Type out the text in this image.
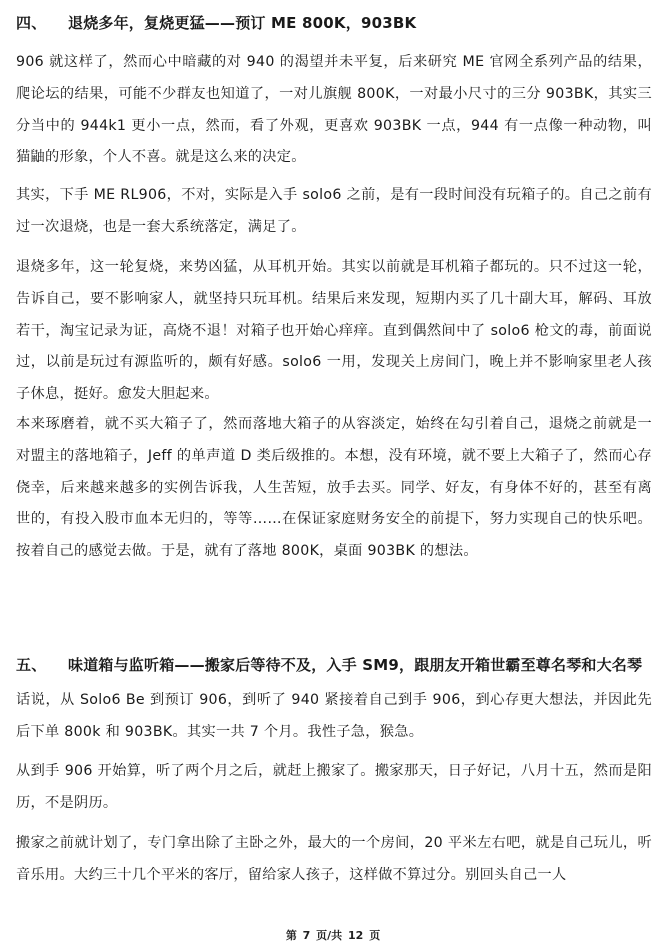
四、 退烧多年，复烧更猛——预订 ME 800K，903BK

906 就这样了，然而心中暗藏的对 940 的渴望并未平复，后来研究 ME 官网全系列产品的结果，爬论坛的结果，可能不少群友也知道了，一对儿旗舰 800K，一对最小尺寸的三分 903BK，其实三分当中的 944k1 更小一点，然而，看了外观，更喜欢 903BK 一点，944 有一点像一种动物，叫猫鼬的形象，个人不喜。就是这么来的决定。

其实，下手 ME RL906，不对，实际是入手 solo6 之前，是有一段时间没有玩箱子的。自己之前有过一次退烧，也是一套大系统落定，满足了。

退烧多年，这一轮复烧，来势凶猛，从耳机开始。其实以前就是耳机箱子都玩的。只不过这一轮，告诉自己，要不影响家人，就坚持只玩耳机。结果后来发现，短期内买了几十副大耳，解码、耳放若干，淘宝记录为证，高烧不退！对箱子也开始心痒痒。直到偶然间中了 solo6 枪文的毒，前面说过，以前是玩过有源监听的，颇有好感。solo6 一用，发现关上房间门，晚上并不影响家里老人孩子休息，挺好。愈发大胆起来。

本来琢磨着，就不买大箱子了，然而落地大箱子的从容淡定，始终在勾引着自己，退烧之前就是一对盟主的落地箱子，Jeff 的单声道 D 类后级推的。本想，没有环境，就不要上大箱子了，然而心存侥幸，后来越来越多的实例告诉我，人生苦短，放手去买。同学、好友，有身体不好的，甚至有离世的，有投入股市血本无归的，等等……在保证家庭财务安全的前提下，努力实现自己的快乐吧。按着自己的感觉去做。于是，就有了落地 800K，桌面 903BK 的想法。

五、 味道箱与监听箱——搬家后等待不及，入手 SM9，跟朋友开箱世霸至尊名琴和大名琴

话说，从 Solo6 Be 到预订 906，到听了 940 紧接着自己到手 906，到心存更大想法，并因此先后下单 800k 和 903BK。其实一共 7 个月。我性子急，猴急。

从到手 906 开始算，听了两个月之后，就赶上搬家了。搬家那天，日子好记，八月十五，然而是阳历，不是阴历。

搬家之前就计划了，专门拿出除了主卧之外，最大的一个房间，20 平米左右吧，就是自己玩儿，听音乐用。大约三十几个平米的客厅，留给家人孩子，这样做不算过分。别回头自己一人

第 7 页/共 12 页
